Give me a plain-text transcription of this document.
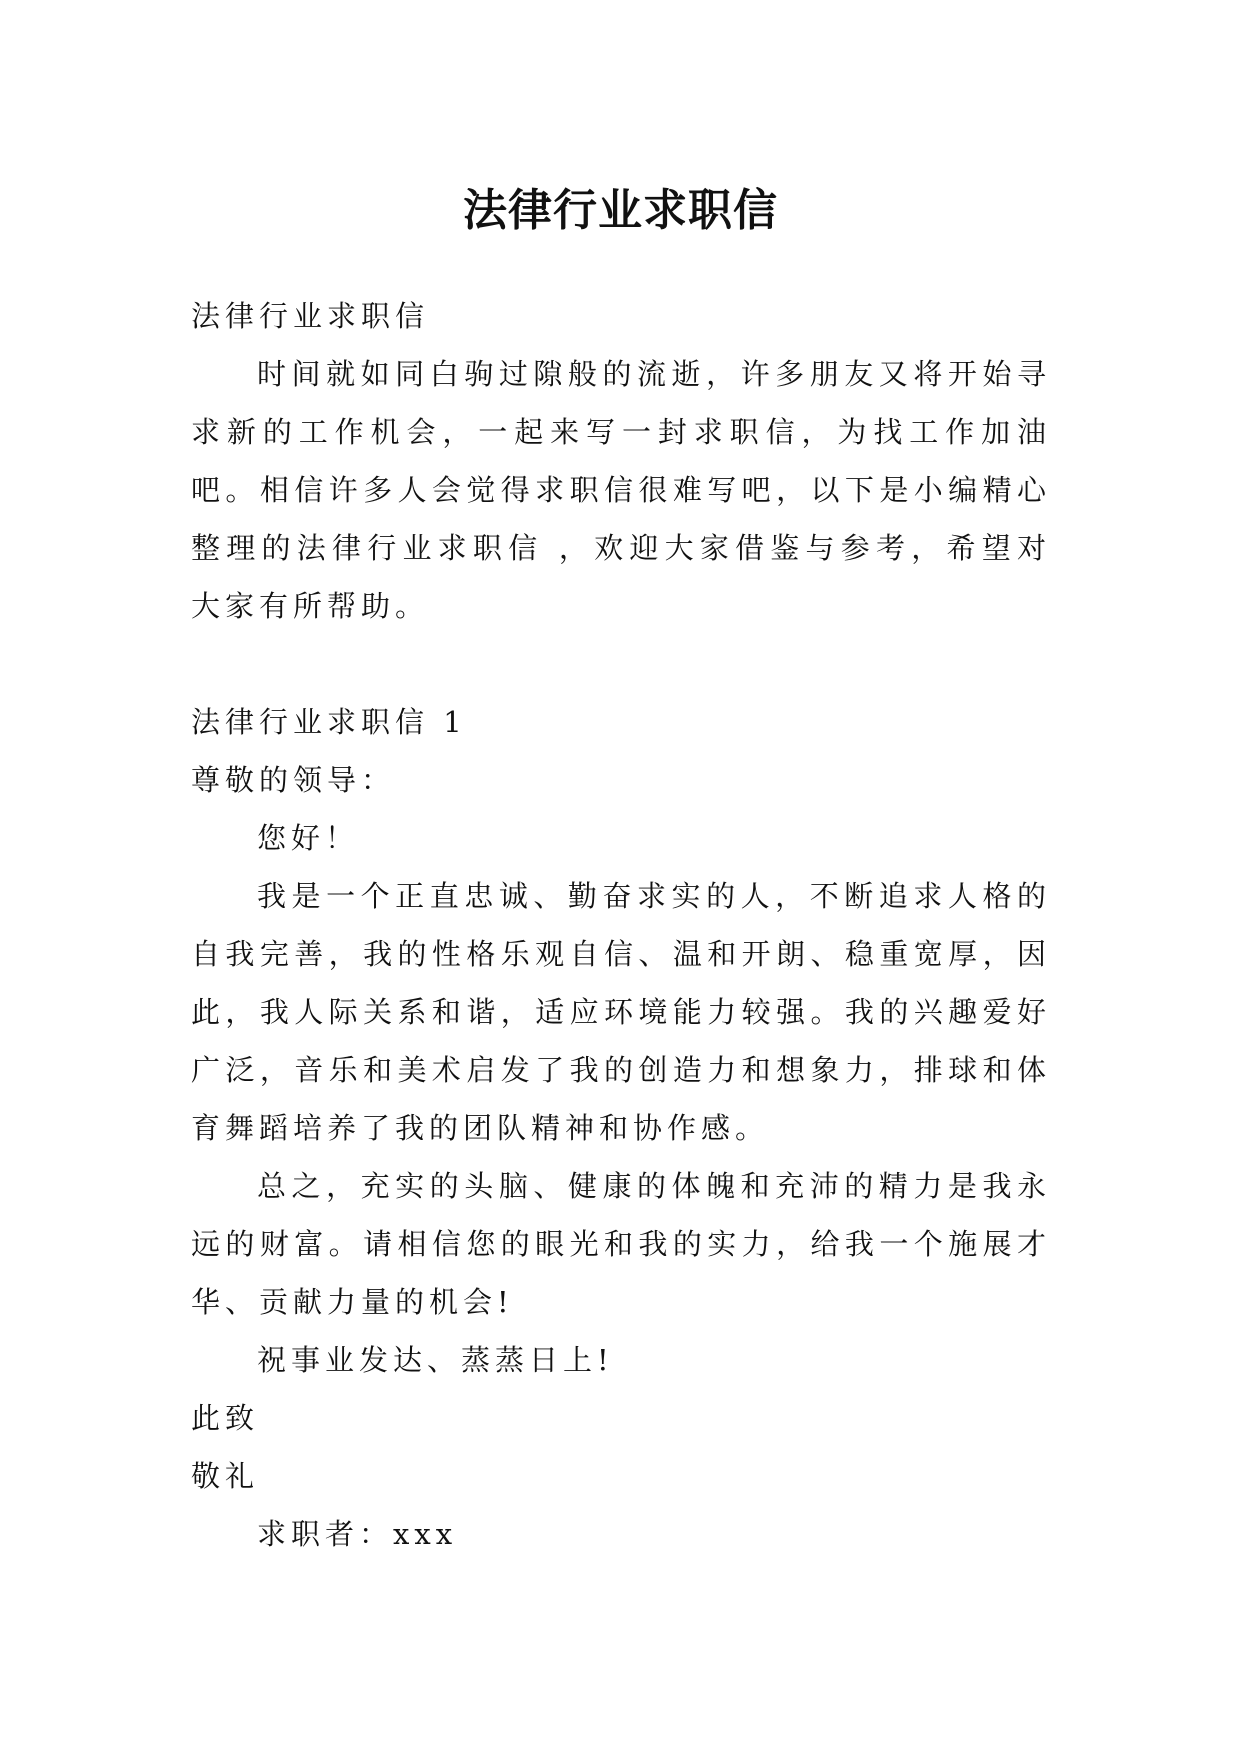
法律行业求职信

法律行业求职信

时间就如同白驹过隙般的流逝，许多朋友又将开始寻求新的工作机会，一起来写一封求职信，为找工作加油吧。相信许多人会觉得求职信很难写吧，以下是小编精心整理的法律行业求职信 ，欢迎大家借鉴与参考，希望对大家有所帮助。

法律行业求职信 1

尊敬的领导：

您好！

我是一个正直忠诚、勤奋求实的人，不断追求人格的自我完善，我的性格乐观自信、温和开朗、稳重宽厚，因此，我人际关系和谐，适应环境能力较强。我的兴趣爱好广泛，音乐和美术启发了我的创造力和想象力，排球和体育舞蹈培养了我的团队精神和协作感。

总之，充实的头脑、健康的体魄和充沛的精力是我永远的财富。请相信您的眼光和我的实力，给我一个施展才华、贡献力量的机会!

祝事业发达、蒸蒸日上!

此致

敬礼

求职者：xxx
